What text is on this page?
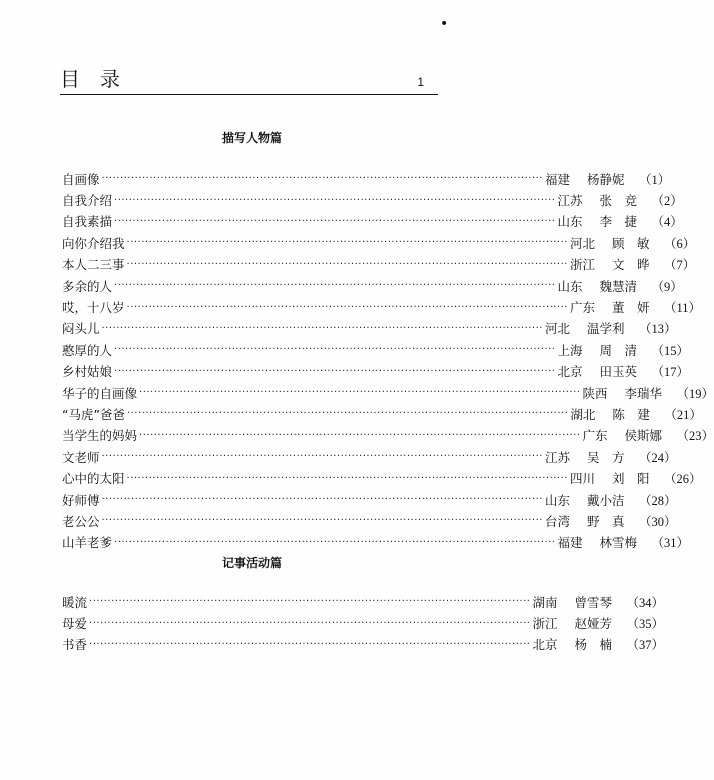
•
目　录	1
描写人物篇
自画像 ························································································································ 福建	杨静妮	（1）
自我介绍 ························································································································ 江苏	张　竞	（2）
自我素描 ························································································································ 山东	李　捷	（4）
向你介绍我 ························································································································ 河北	顾　敏	（6）
本人二三事 ························································································································ 浙江	文　晔	（7）
多余的人 ························································································································ 山东	魏慧清	（9）
哎，十八岁 ························································································································ 广东	董　妍	（11）
闷头儿 ························································································································ 河北	温学利	（13）
憨厚的人 ························································································································ 上海	周　清	（15）
乡村姑娘 ························································································································ 北京	田玉英	（17）
华子的自画像 ························································································································ 陕西	李瑞华	（19）
“马虎”爸爸 ························································································································ 湖北	陈　建	（21）
当学生的妈妈 ························································································································ 广东	侯斯娜	（23）
文老师 ························································································································ 江苏	吴　方	（24）
心中的太阳 ························································································································ 四川	刘　阳	（26）
好师傅 ························································································································ 山东	戴小洁	（28）
老公公 ························································································································ 台湾	野　真	（30）
山羊老爹 ························································································································ 福建	林雪梅	（31）
记事活动篇
暖流 ························································································································ 湖南	曾雪琴	（34）
母爱 ························································································································ 浙江	赵娅芳	（35）
书香 ························································································································ 北京	杨　楠	（37）
